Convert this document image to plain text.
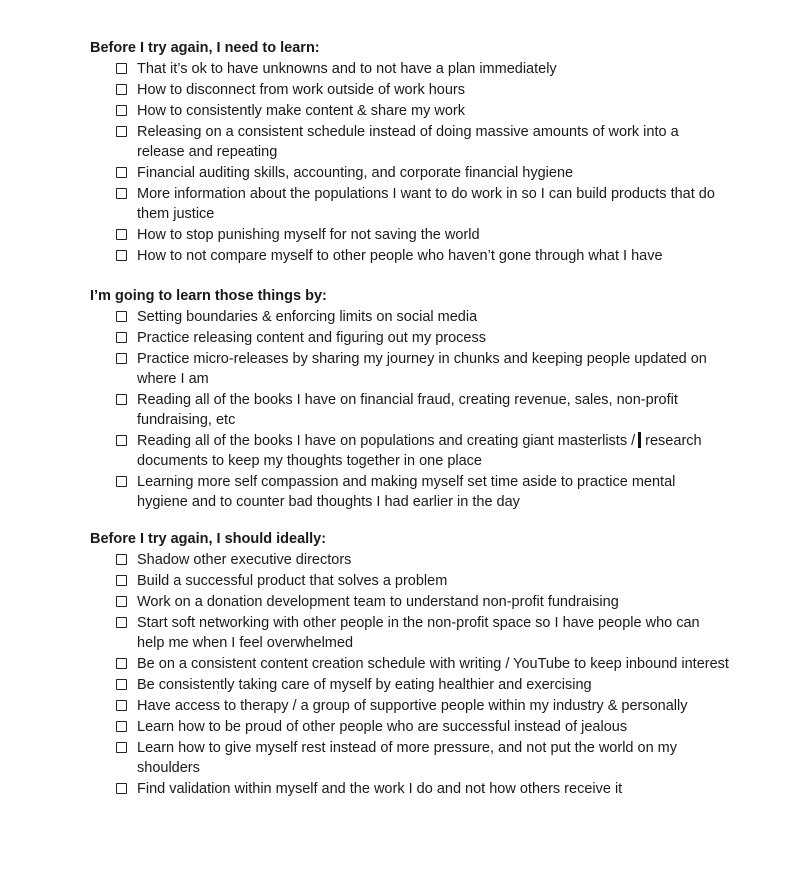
Before I try again, I need to learn:
That it’s ok to have unknowns and to not have a plan immediately
How to disconnect from work outside of work hours
How to consistently make content & share my work
Releasing on a consistent schedule instead of doing massive amounts of work into a release and repeating
Financial auditing skills, accounting, and corporate financial hygiene
More information about the populations I want to do work in so I can build products that do them justice
How to stop punishing myself for not saving the world
How to not compare myself to other people who haven’t gone through what I have
I’m going to learn those things by:
Setting boundaries & enforcing limits on social media
Practice releasing content and figuring out my process
Practice micro-releases by sharing my journey in chunks and keeping people updated on where I am
Reading all of the books I have on financial fraud, creating revenue, sales, non-profit fundraising, etc
Reading all of the books I have on populations and creating giant masterlists / research documents to keep my thoughts together in one place
Learning more self compassion and making myself set time aside to practice mental hygiene and to counter bad thoughts I had earlier in the day
Before I try again, I should ideally:
Shadow other executive directors
Build a successful product that solves a problem
Work on a donation development team to understand non-profit fundraising
Start soft networking with other people in the non-profit space so I have people who can help me when I feel overwhelmed
Be on a consistent content creation schedule with writing / YouTube to keep inbound interest
Be consistently taking care of myself by eating healthier and exercising
Have access to therapy / a group of supportive people within my industry & personally
Learn how to be proud of other people who are successful instead of jealous
Learn how to give myself rest instead of more pressure, and not put the world on my shoulders
Find validation within myself and the work I do and not how others receive it
